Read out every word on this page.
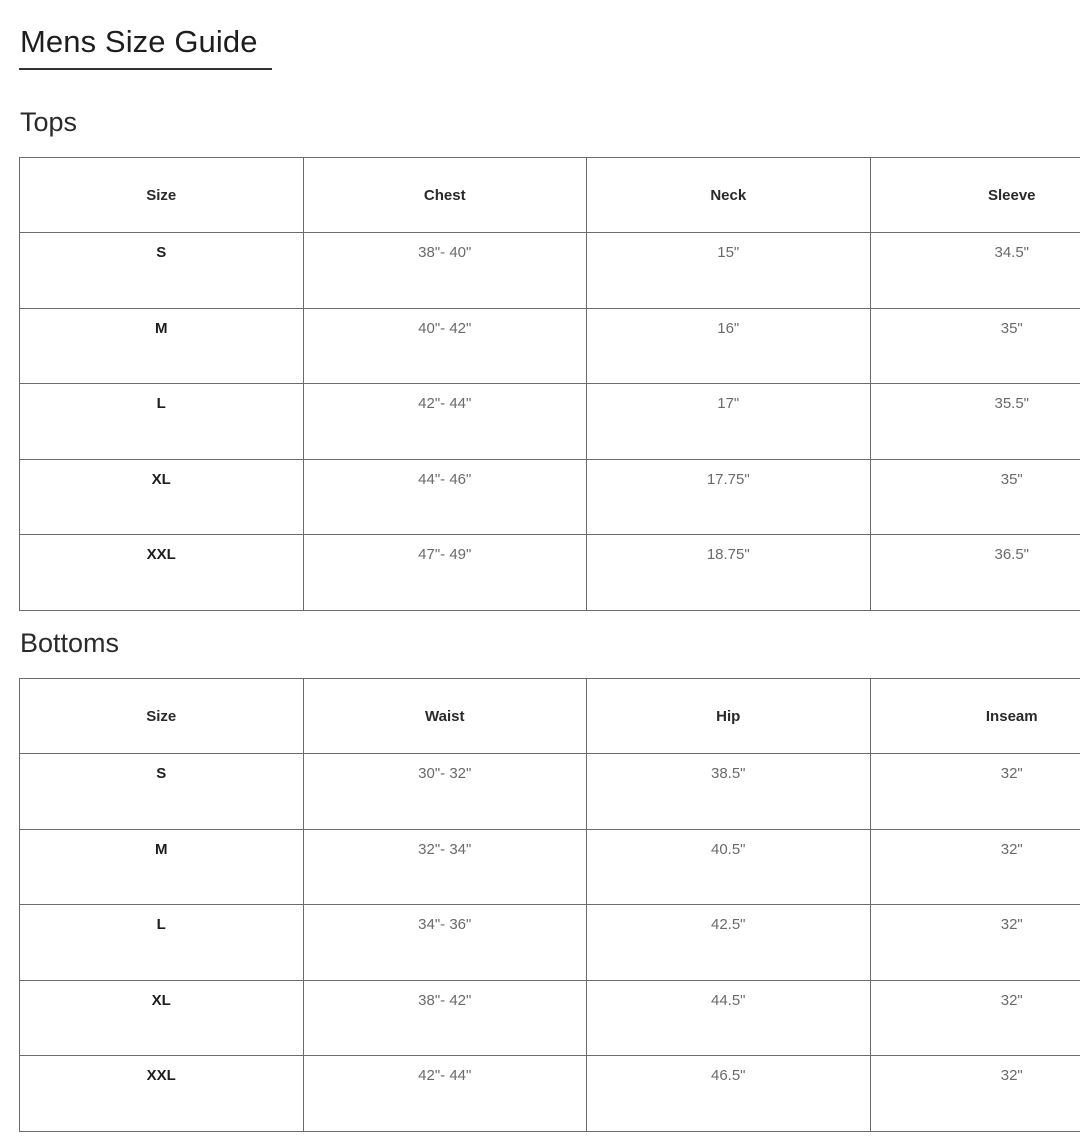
Mens Size Guide
Tops
Size	Chest	Neck	Sleeve
S	38"- 40"	15"	34.5"
M	40"- 42"	16"	35"
L	42"- 44"	17"	35.5"
XL	44"- 46"	17.75"	35"
XXL	47"- 49"	18.75"	36.5"
Bottoms
Size	Waist	Hip	Inseam
S	30"- 32"	38.5"	32"
M	32"- 34"	40.5"	32"
L	34"- 36"	42.5"	32"
XL	38"- 42"	44.5"	32"
XXL	42"- 44"	46.5"	32"
